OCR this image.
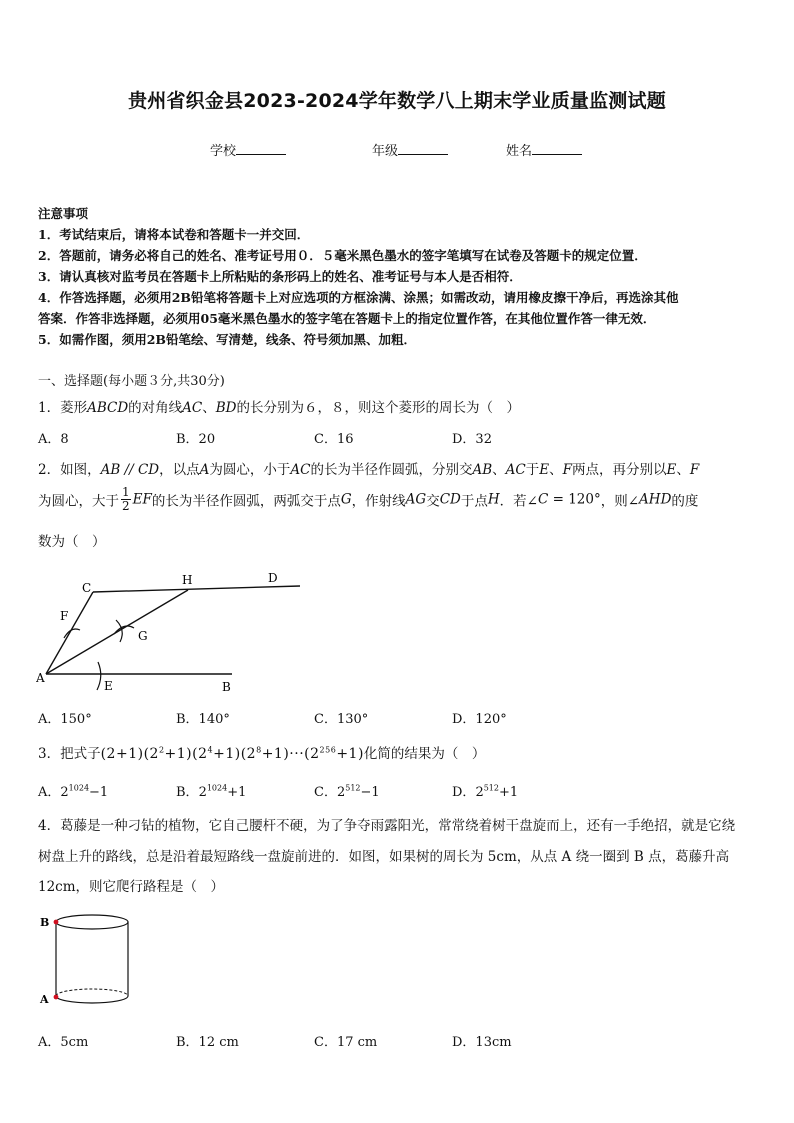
贵州省织金县2023-2024学年数学八上期末学业质量监测试题
学校	年级	姓名
注意事项
1．考试结束后，请将本试卷和答题卡一并交回．
2．答题前，请务必将自己的姓名、准考证号用０．５毫米黑色墨水的签字笔填写在试卷及答题卡的规定位置．
3．请认真核对监考员在答题卡上所粘贴的条形码上的姓名、准考证号与本人是否相符．
4．作答选择题，必须用2B铅笔将答题卡上对应选项的方框涂满、涂黑；如需改动，请用橡皮擦干净后，再选涂其他
答案．作答非选择题，必须用05毫米黑色墨水的签字笔在答题卡上的指定位置作答，在其他位置作答一律无效．
5．如需作图，须用2B铅笔绘、写清楚，线条、符号须加黑、加粗．
一、选择题(每小题３分,共30分)
1．菱形ABCD的对角线AC、BD的长分别为６，８，则这个菱形的周长为（　）
A．8	B．20	C．16	D．32
2．如图，AB // CD，以点A为圆心，小于AC的长为半径作圆弧，分别交AB、AC于E、F两点，再分别以E、F
为圆心，大于 $\frac{1}{2}$ EF的长为半径作圆弧，两弧交于点G，作射线AG交CD于点H．若∠C = 120°，则∠AHD的度
数为（　）
C
H	D
F
G
A
E	B
A．150°	B．140°	C．130°	D．120°
3．把式子$(2+1)(2^2+1)(2^4+1)(2^8+1)\cdot\cdot\cdot(2^{256}+1)$化简的结果为（　）
A．$2^{1024}-1$	B．$2^{1024}+1$	C．$2^{512}-1$	D．$2^{512}+1$
4．葛藤是一种刁钻的植物，它自己腰杆不硬，为了争夺雨露阳光，常常绕着树干盘旋而上，还有一手绝招，就是它绕
树盘上升的路线，总是沿着最短路线一盘旋前进的．如图，如果树的周长为 5cm，从点 A 绕一圈到 B 点，葛藤升高
12cm，则它爬行路程是（　）
B
A
A．5cm	B．12 cm	C．17 cm	D．13cm
